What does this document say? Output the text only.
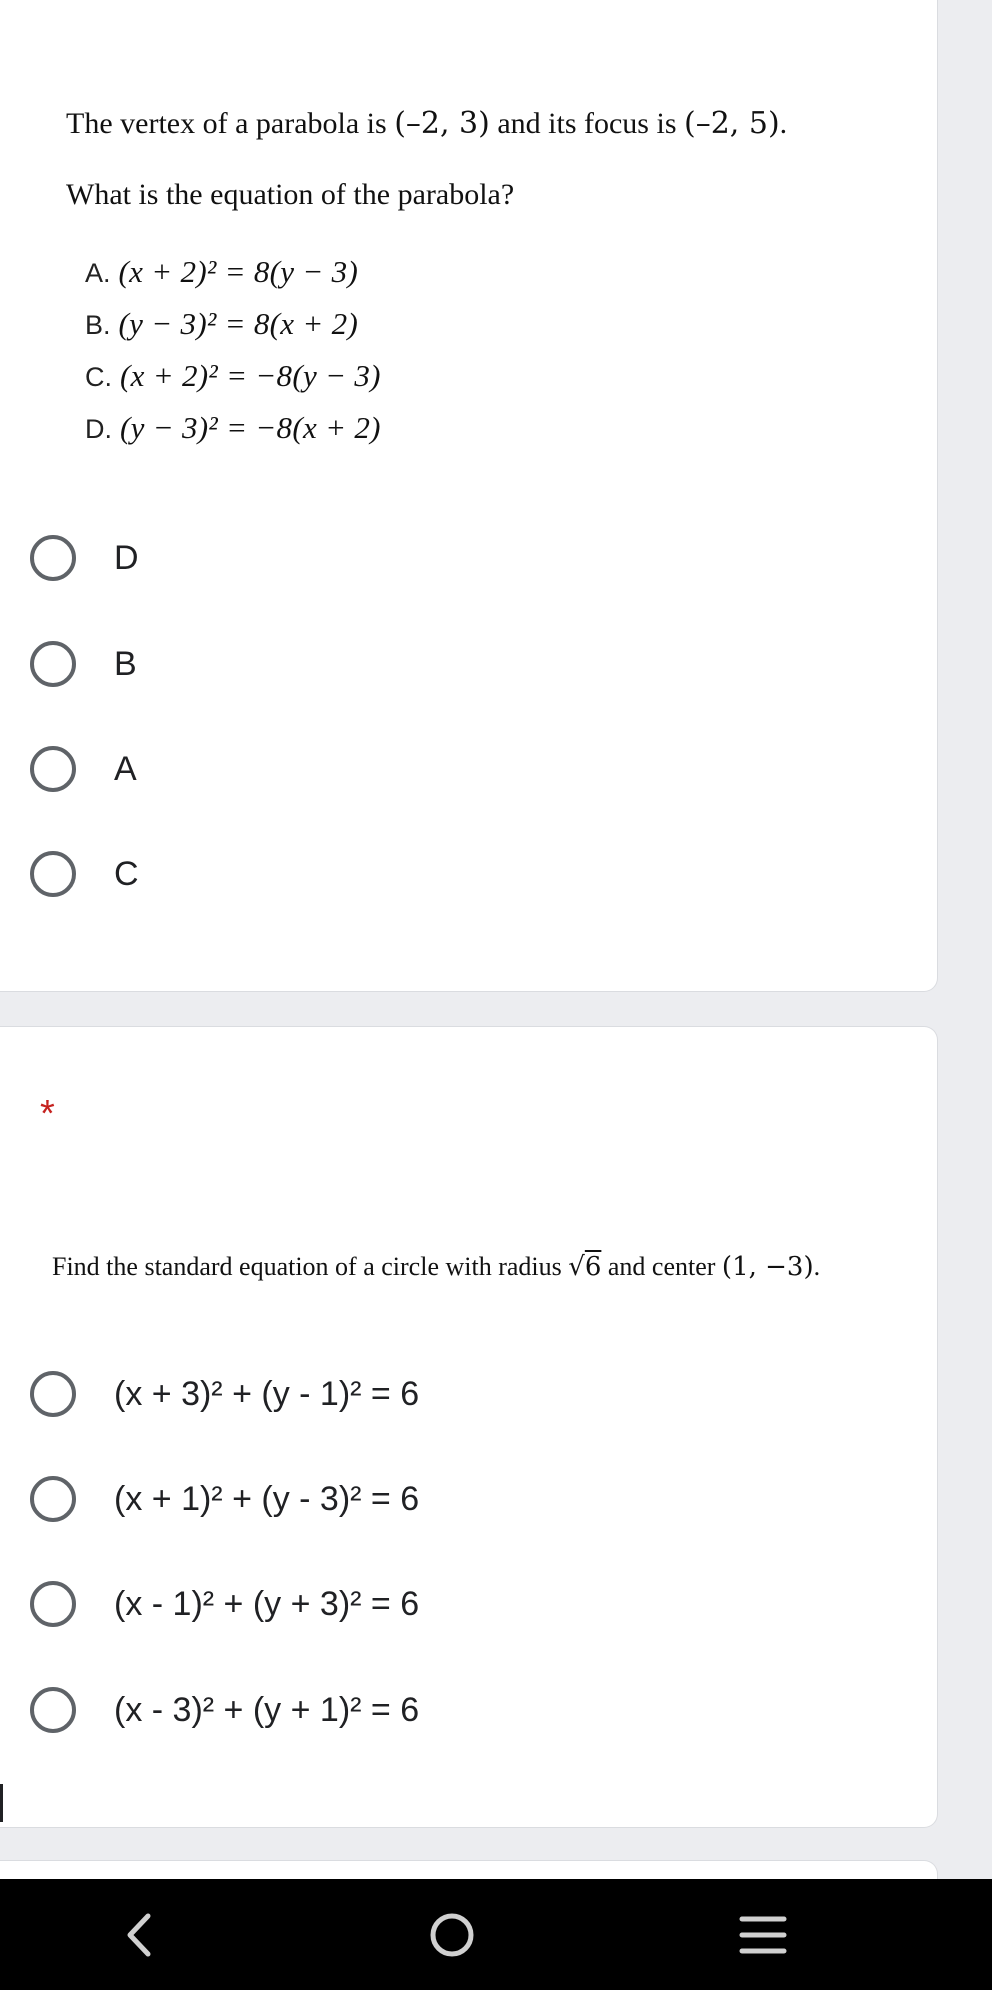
The vertex of a parabola is (–2, 3) and its focus is (–2, 5).
What is the equation of the parabola?
A. (x + 2)² = 8(y − 3)
B. (y − 3)² = 8(x + 2)
C. (x + 2)² = −8(y − 3)
D. (y − 3)² = −8(x + 2)
D
B
A
C
*
Find the standard equation of a circle with radius √6 and center (1, −3).
(x + 3)² + (y - 1)² = 6
(x + 1)² + (y - 3)² = 6
(x - 1)² + (y + 3)² = 6
(x - 3)² + (y + 1)² = 6
